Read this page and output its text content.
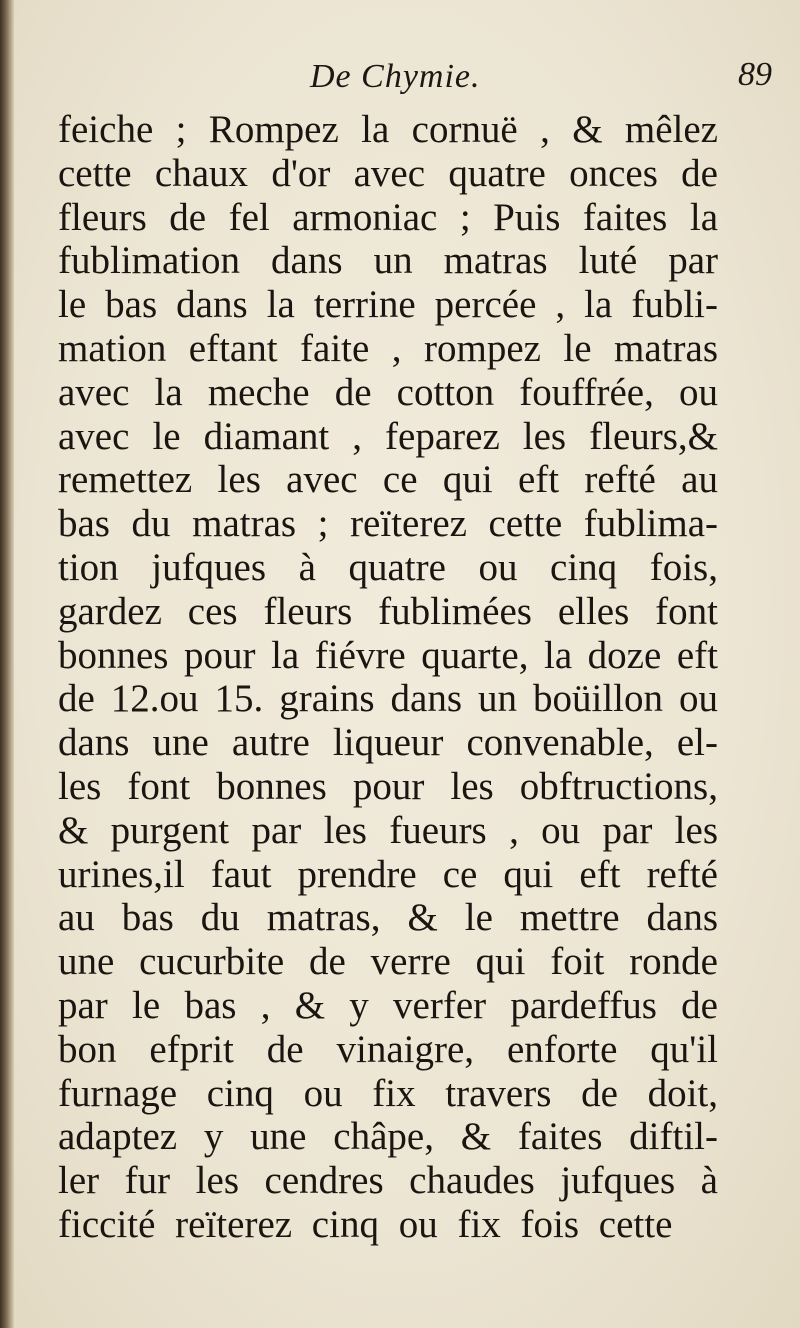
De Chymie.	89
feiche ; Rompez la cornuë , & mêlez
cette chaux d'or avec quatre onces de
fleurs de fel armoniac ; Puis faites la
fublimation dans un matras luté par
le bas dans la terrine percée , la fubli-
mation eftant faite , rompez le matras
avec la meche de cotton fouffrée, ou
avec le diamant , feparez les fleurs,&
remettez les avec ce qui eft refté au
bas du matras ; reïterez cette fublima-
tion jufques à quatre ou cinq fois,
gardez ces fleurs fublimées elles font
bonnes pour la fiévre quarte, la doze eft
de 12.ou 15. grains dans un boüillon ou
dans une autre liqueur convenable, el-
les font bonnes pour les obftructions,
& purgent par les fueurs , ou par les
urines,il faut prendre ce qui eft refté
au bas du matras, & le mettre dans
une cucurbite de verre qui foit ronde
par le bas , & y verfer pardeffus de
bon efprit de vinaigre, enforte qu'il
furnage cinq ou fix travers de doit,
adaptez y une châpe, & faites diftil-
ler fur les cendres chaudes jufques à
ficcité reïterez cinq ou fix fois cette
